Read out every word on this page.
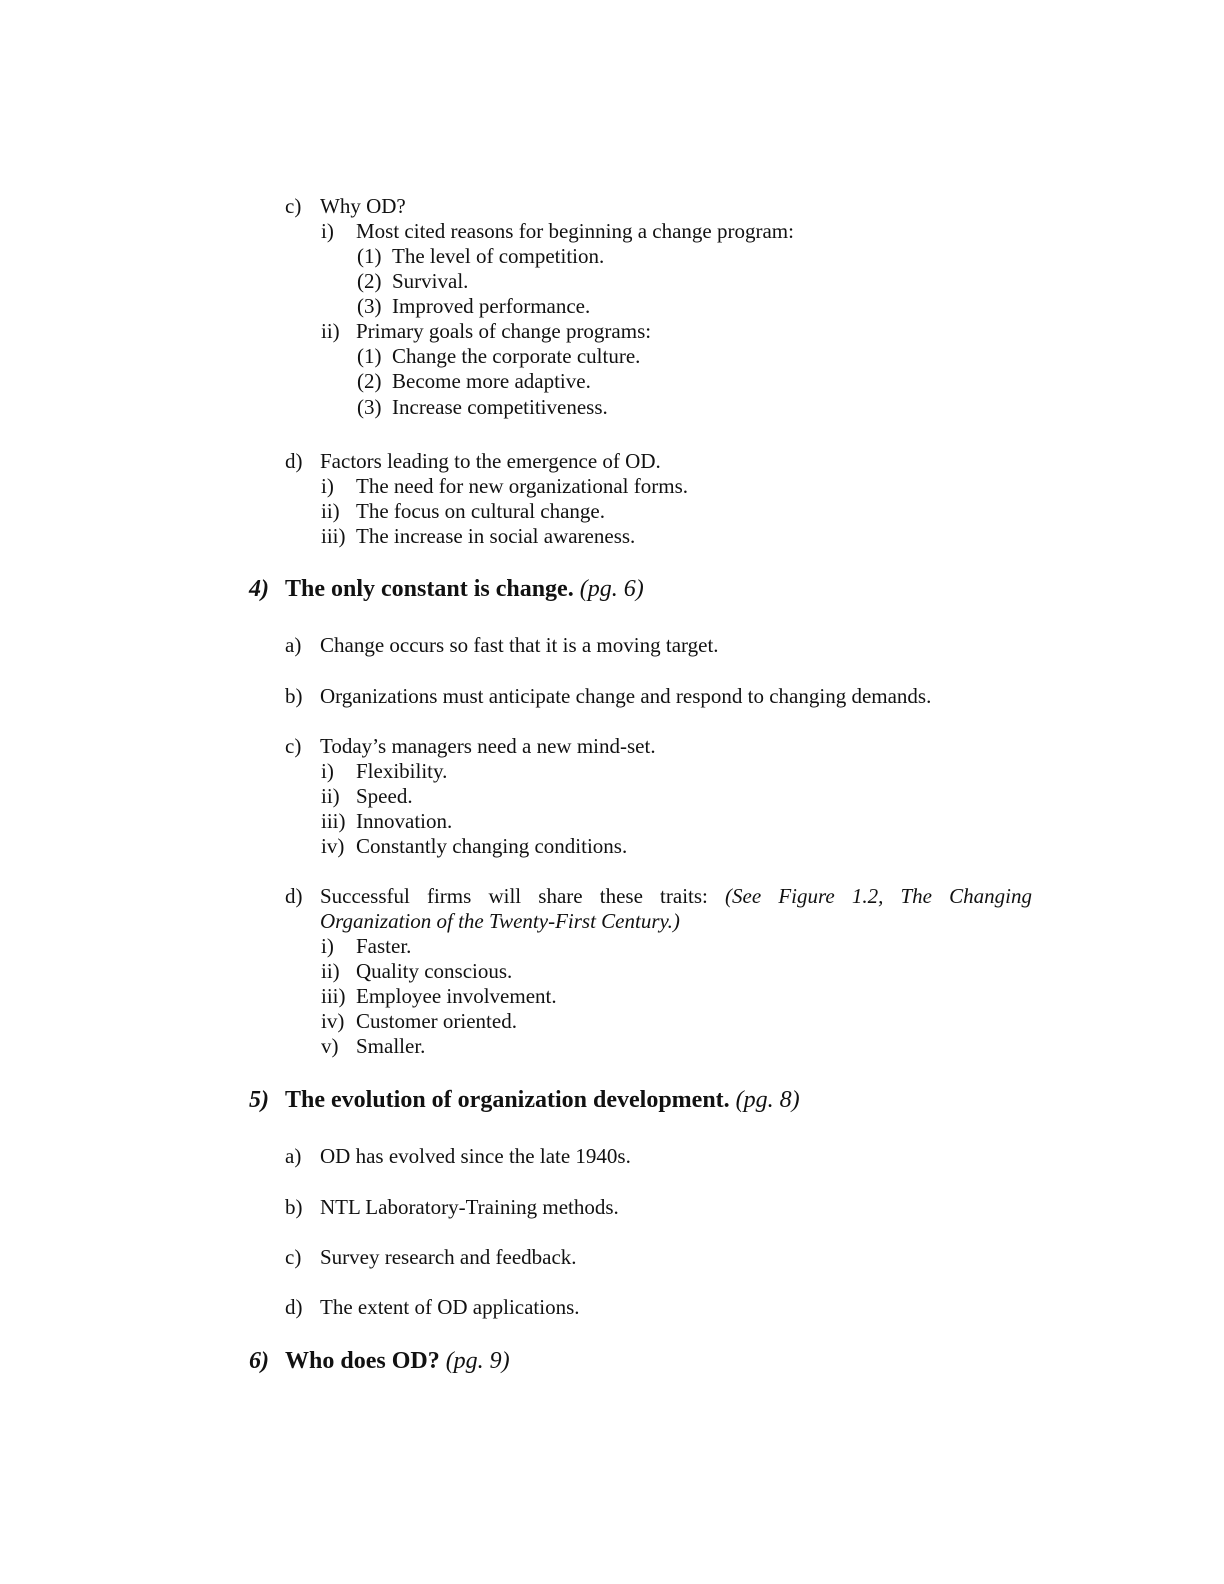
c) Why OD?
i) Most cited reasons for beginning a change program:
(1) The level of competition.
(2) Survival.
(3) Improved performance.
ii) Primary goals of change programs:
(1) Change the corporate culture.
(2) Become more adaptive.
(3) Increase competitiveness.
d) Factors leading to the emergence of OD.
i) The need for new organizational forms.
ii) The focus on cultural change.
iii) The increase in social awareness.
4) The only constant is change. (pg. 6)
a) Change occurs so fast that it is a moving target.
b) Organizations must anticipate change and respond to changing demands.
c) Today’s managers need a new mind-set.
i) Flexibility.
ii) Speed.
iii) Innovation.
iv) Constantly changing conditions.
d) Successful firms will share these traits: (See Figure 1.2, The Changing
Organization of the Twenty-First Century.)
i) Faster.
ii) Quality conscious.
iii) Employee involvement.
iv) Customer oriented.
v) Smaller.
5) The evolution of organization development. (pg. 8)
a) OD has evolved since the late 1940s.
b) NTL Laboratory-Training methods.
c) Survey research and feedback.
d) The extent of OD applications.
6) Who does OD? (pg. 9)
